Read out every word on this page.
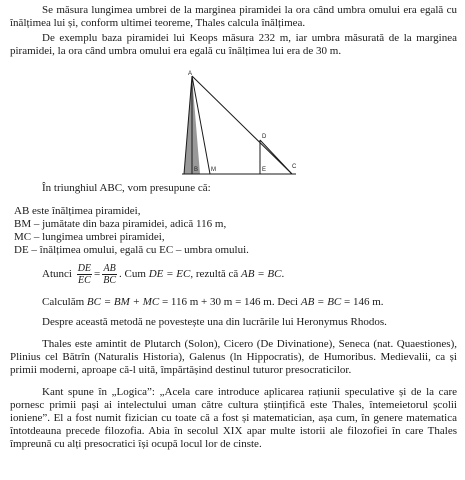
Se măsura lungimea umbrei de la marginea piramidei la ora când umbra omului era egală cu înălțimea lui și, conform ultimei teoreme, Thales calcula înălțimea.

De exemplu baza piramidei lui Keops măsura 232 m, iar umbra măsurată de la marginea piramidei, la ora când umbra omului era egală cu înălțimea lui era de 30 m.

A
B M
D
E	C

În triunghiul ABC, vom presupune că:

AB este înălțimea piramidei,

BM – jumătate din baza piramidei, adică 116 m,

MC – lungimea umbrei piramidei,

DE – înălțimea omului, egală cu EC – umbra omului.

Atunci $\frac{DE}{EC} = \frac{AB}{BC}$ . Cum DE = EC, rezultă că AB = BC.

Calculăm BC = BM + MC = 116 m + 30 m = 146 m. Deci AB = BC = 146 m.

Despre această metodă ne povestește una din lucrările lui Heronymus Rhodos.

Thales este amintit de Plutarch (Solon), Cicero (De Divinatione), Seneca (nat. Quaestiones), Plinius cel Bătrîn (Naturalis Historia), Galenus (ln Hippocratis), de Humoribus. Medievalii, ca și primii moderni, aproape că-l uită, împărtășind destinul tuturor presocraticilor.

Kant spune în „Logica”: „Acela care introduce aplicarea rațiunii speculative și de la care pornesc primii pași ai intelectului uman către cultura științifică este Thales, întemeietorul școlii ioniene”. El a fost numit fizician cu toate că a fost și matematician, așa cum, în genere matematica întotdeauna precede filozofia. Abia în secolul XIX apar multe istorii ale filozofiei în care Thales împreună cu alți presocratici își ocupă locul lor de cinste.
